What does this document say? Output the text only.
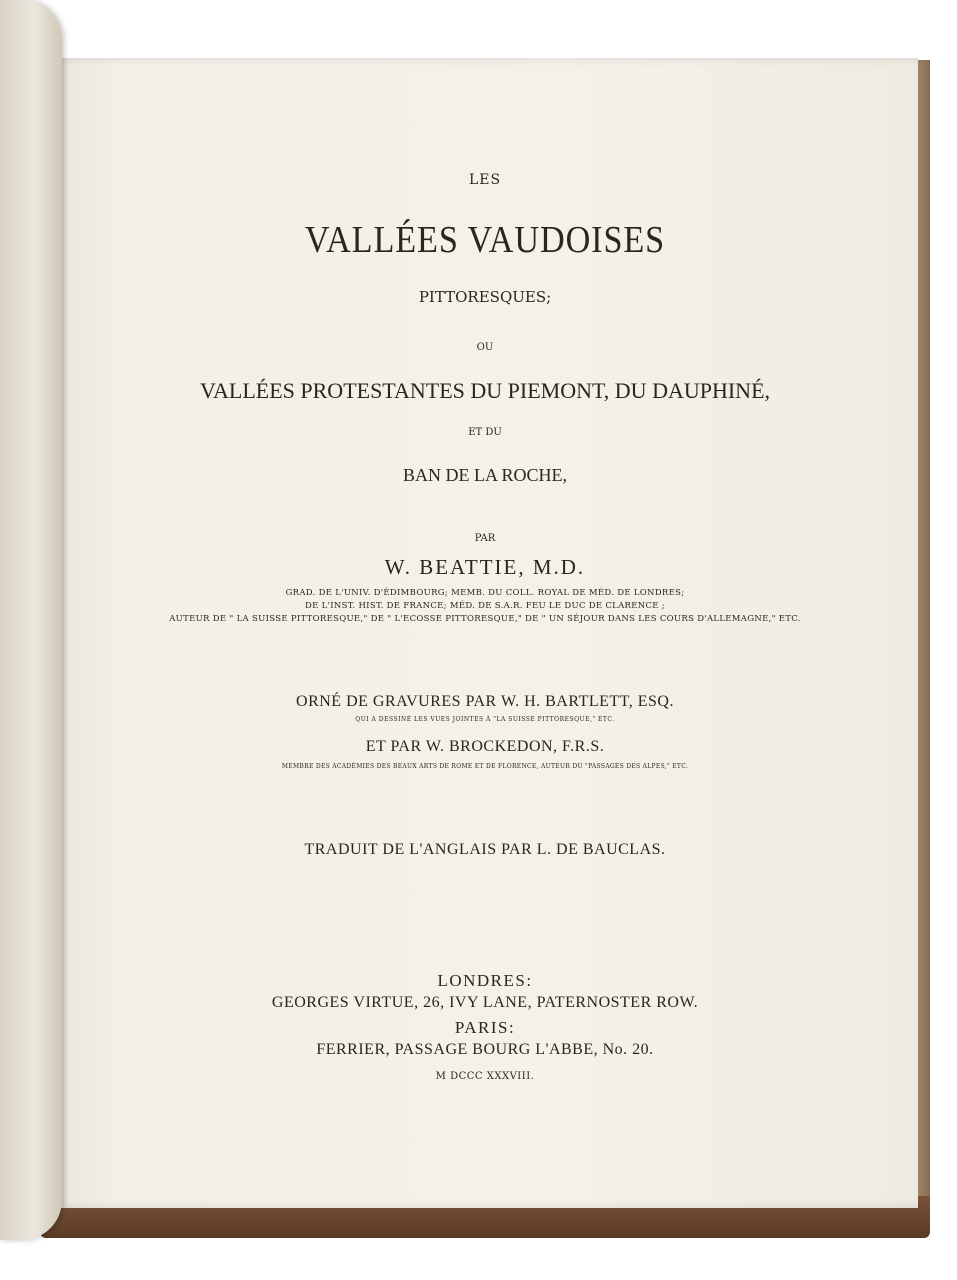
LES
VALLÉES VAUDOISES
PITTORESQUES;
OU
VALLÉES PROTESTANTES DU PIEMONT, DU DAUPHINÉ,
ET DU
BAN DE LA ROCHE,
PAR
W. BEATTIE, M.D.
GRAD. DE L'UNIV. D'ÉDIMBOURG; MEMB. DU COLL. ROYAL DE MÉD. DE LONDRES;
DE L'INST. HIST. DE FRANCE; MÉD. DE S.A.R. FEU LE DUC DE CLARENCE ;
AUTEUR DE " LA SUISSE PITTORESQUE," DE " L'ECOSSE PITTORESQUE," DE " UN SÉJOUR DANS LES COURS D'ALLEMAGNE," ETC.
ORNÉ DE GRAVURES PAR W. H. BARTLETT, ESQ.
QUI A DESSINÉ LES VUES JOINTES À "LA SUISSE PITTORESQUE," ETC.
ET PAR W. BROCKEDON, F.R.S.
MEMBRE DES ACADÉMIES DES BEAUX ARTS DE ROME ET DE FLORENCE, AUTEUR DU "PASSAGES DES ALPES," ETC.
TRADUIT DE L'ANGLAIS PAR L. DE BAUCLAS.
LONDRES:
GEORGES VIRTUE, 26, IVY LANE, PATERNOSTER ROW.
PARIS:
FERRIER, PASSAGE BOURG L'ABBE, No. 20.
M DCCC XXXVIII.
